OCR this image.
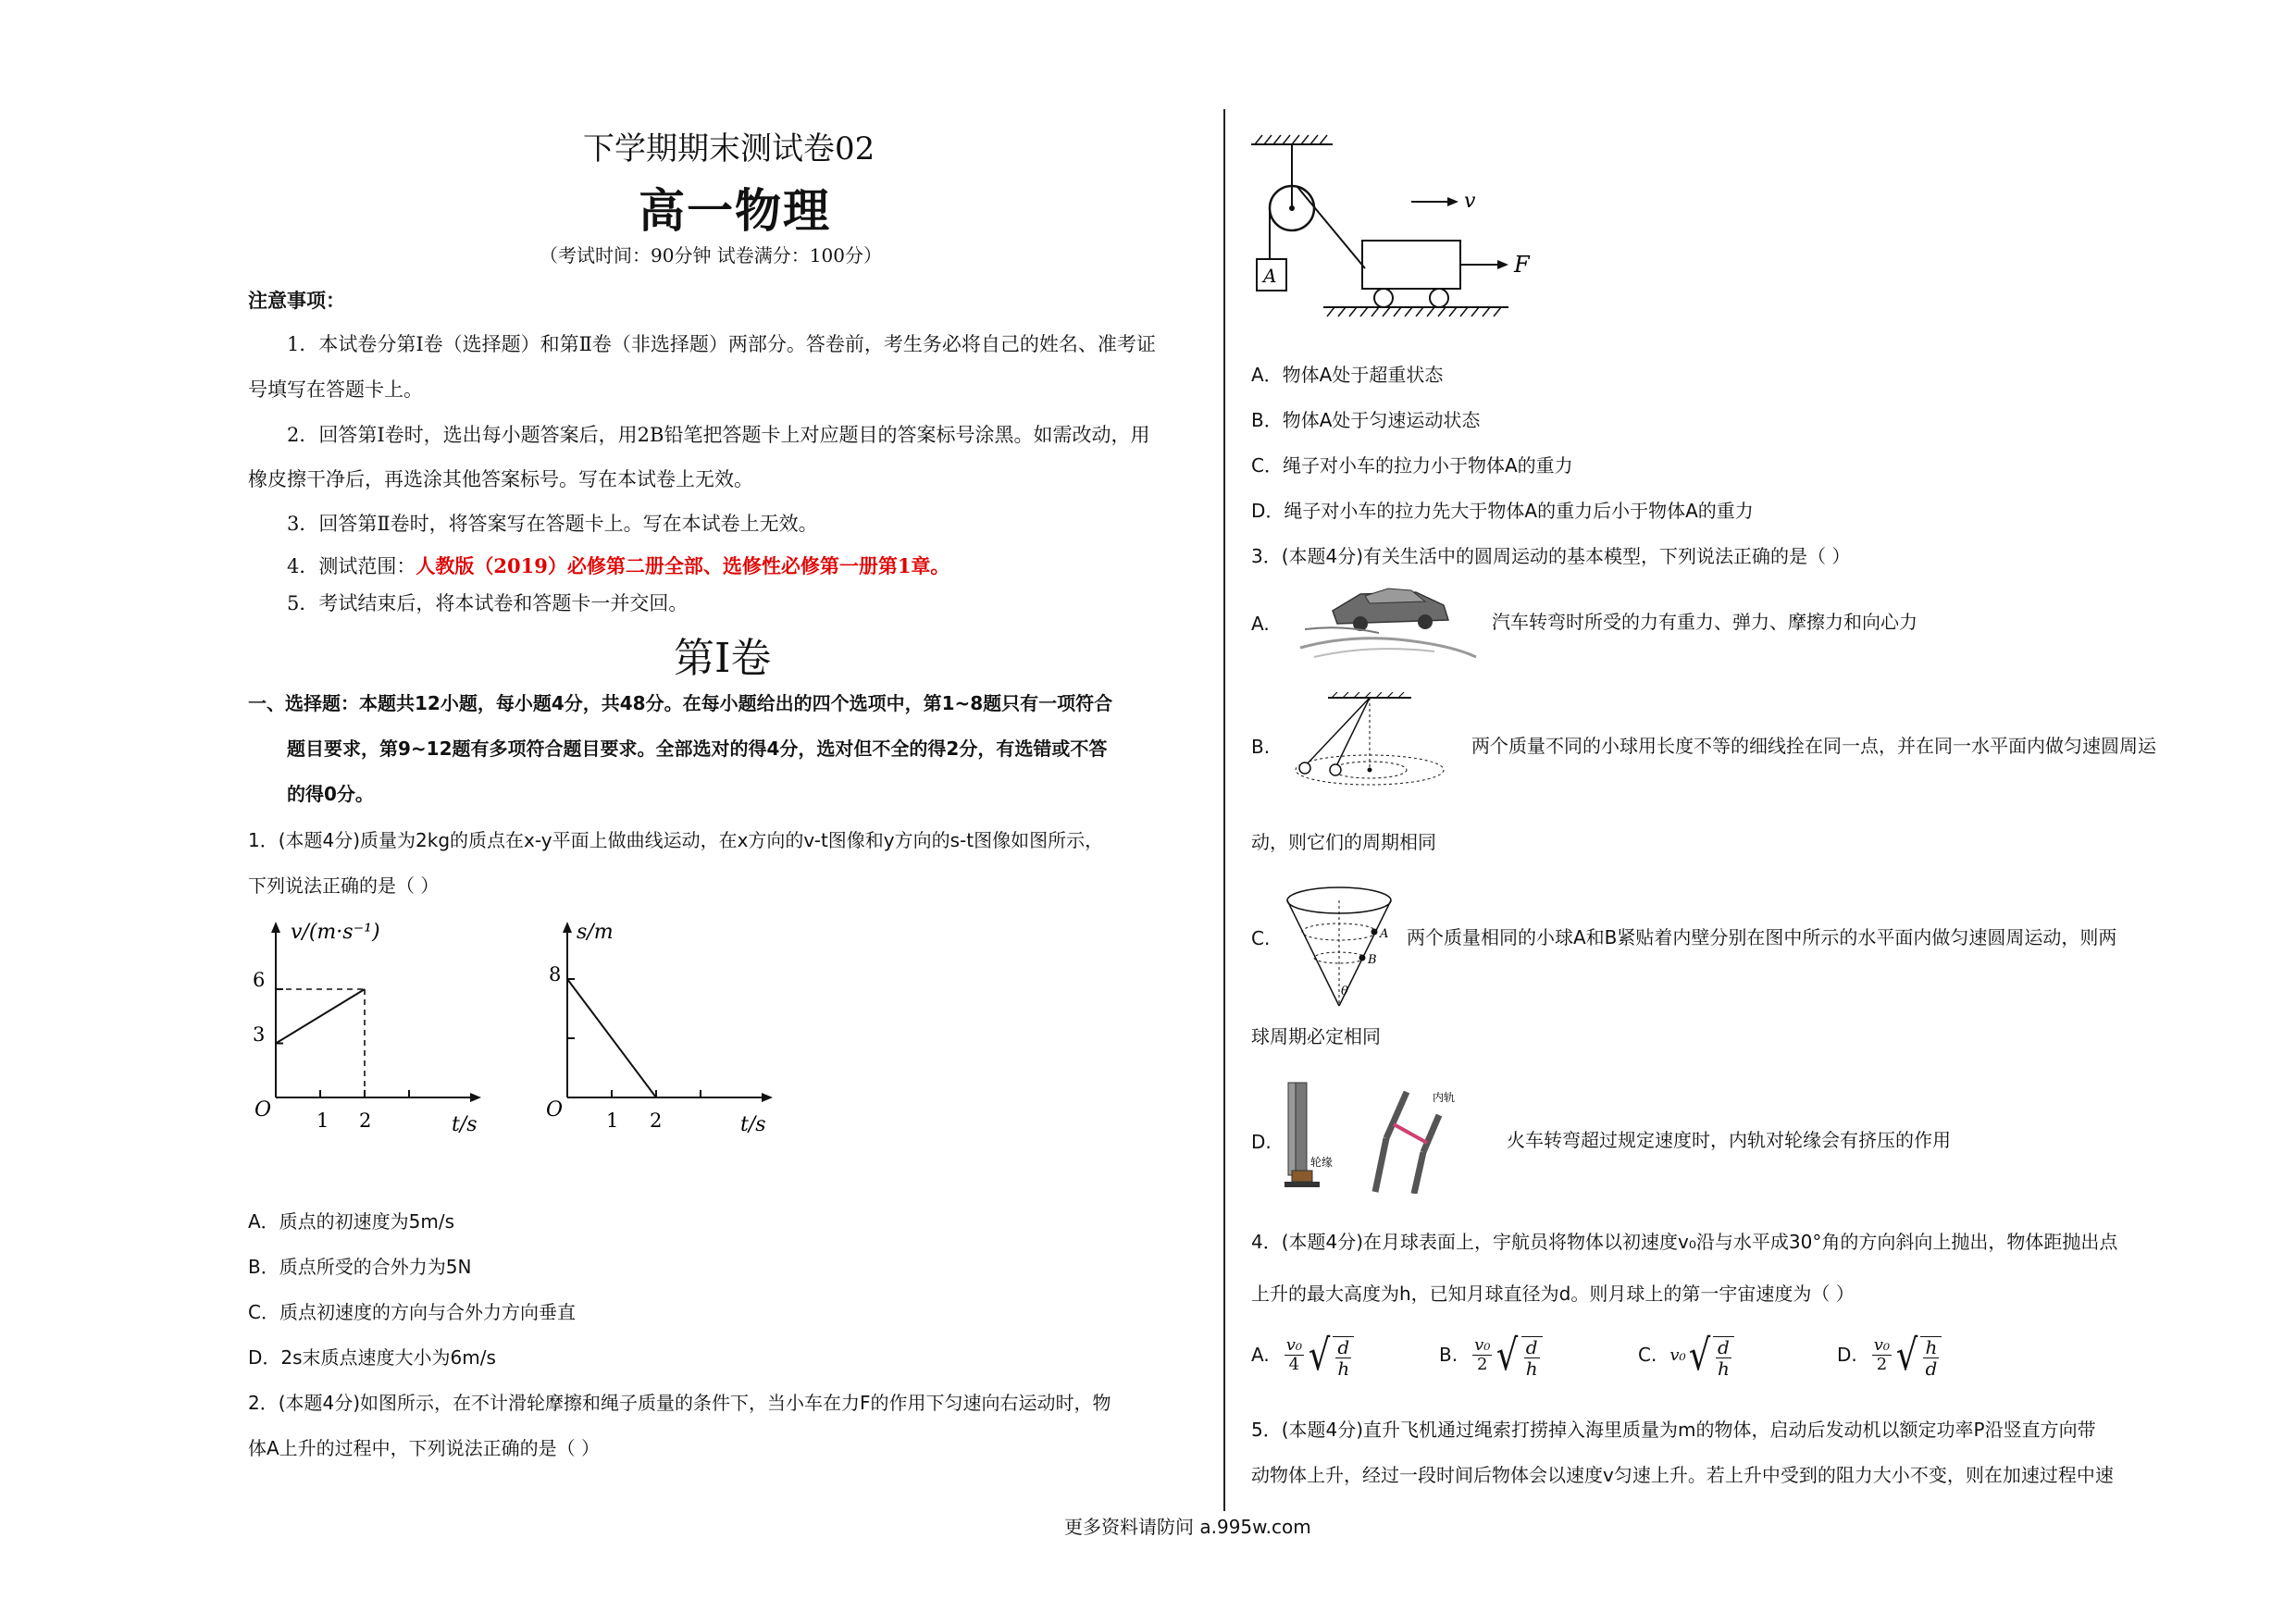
下学期期末测试卷02
高一物理
（考试时间：90分钟 试卷满分：100分）
注意事项：
1．本试卷分第Ⅰ卷（选择题）和第Ⅱ卷（非选择题）两部分。答卷前，考生务必将自己的姓名、准考证
号填写在答题卡上。
2．回答第Ⅰ卷时，选出每小题答案后，用2B铅笔把答题卡上对应题目的答案标号涂黑。如需改动，用
橡皮擦干净后，再选涂其他答案标号。写在本试卷上无效。
3．回答第Ⅱ卷时，将答案写在答题卡上。写在本试卷上无效。
4．测试范围：人教版（2019）必修第二册全部、选修性必修第一册第1章。
5．考试结束后，将本试卷和答题卡一并交回。
第Ⅰ卷
一、选择题：本题共12小题，每小题4分，共48分。在每小题给出的四个选项中，第1~8题只有一项符合
题目要求，第9~12题有多项符合题目要求。全部选对的得4分，选对但不全的得2分，有选错或不答
的得0分。
1．(本题4分)质量为2kg的质点在x-y平面上做曲线运动，在x方向的v-t图像和y方向的s-t图像如图所示，
下列说法正确的是（ ）
v/(m·s⁻¹)
t/s
O 1 2
3
6
s/m
t/s
O 1 2
8
A．质点的初速度为5m/s
B．质点所受的合外力为5N
C．质点初速度的方向与合外力方向垂直
D．2s末质点速度大小为6m/s
2．(本题4分)如图所示，在不计滑轮摩擦和绳子质量的条件下，当小车在力F的作用下匀速向右运动时，物
体A上升的过程中，下列说法正确的是（ ）
A
v
F
A．物体A处于超重状态
B．物体A处于匀速运动状态
C．绳子对小车的拉力小于物体A的重力
D．绳子对小车的拉力先大于物体A的重力后小于物体A的重力
3．(本题4分)有关生活中的圆周运动的基本模型，下列说法正确的是（ ）
A.	汽车转弯时所受的力有重力、弹力、摩擦力和向心力
B.	两个质量不同的小球用长度不等的细线拴在同一点，并在同一水平面内做匀速圆周运
动，则它们的周期相同
C.	A
B
θ
两个质量相同的小球A和B紧贴着内壁分别在图中所示的水平面内做匀速圆周运动，则两
球周期必定相同
D.
轮缘
内轨
火车转弯超过规定速度时，内轨对轮缘会有挤压的作用
4．(本题4分)在月球表面上，宇航员将物体以初速度v₀沿与水平成30°角的方向斜向上抛出，物体距抛出点
上升的最大高度为h，已知月球直径为d。则月球上的第一宇宙速度为（ ）
A. $\frac{\text{v₀}}{4}$ √ $\frac{d}{h}$	B. $\frac{\text{v₀}}{2}$ √ $\frac{d}{h}$	C. v₀ √ $\frac{d}{h}$	D. $\frac{\text{v₀}}{2}$ √ $\frac{h}{d}$
5．(本题4分)直升飞机通过绳索打捞掉入海里质量为m的物体，启动后发动机以额定功率P沿竖直方向带
动物体上升，经过一段时间后物体会以速度v匀速上升。若上升中受到的阻力大小不变，则在加速过程中速
更多资料请防问 a.995w.com
